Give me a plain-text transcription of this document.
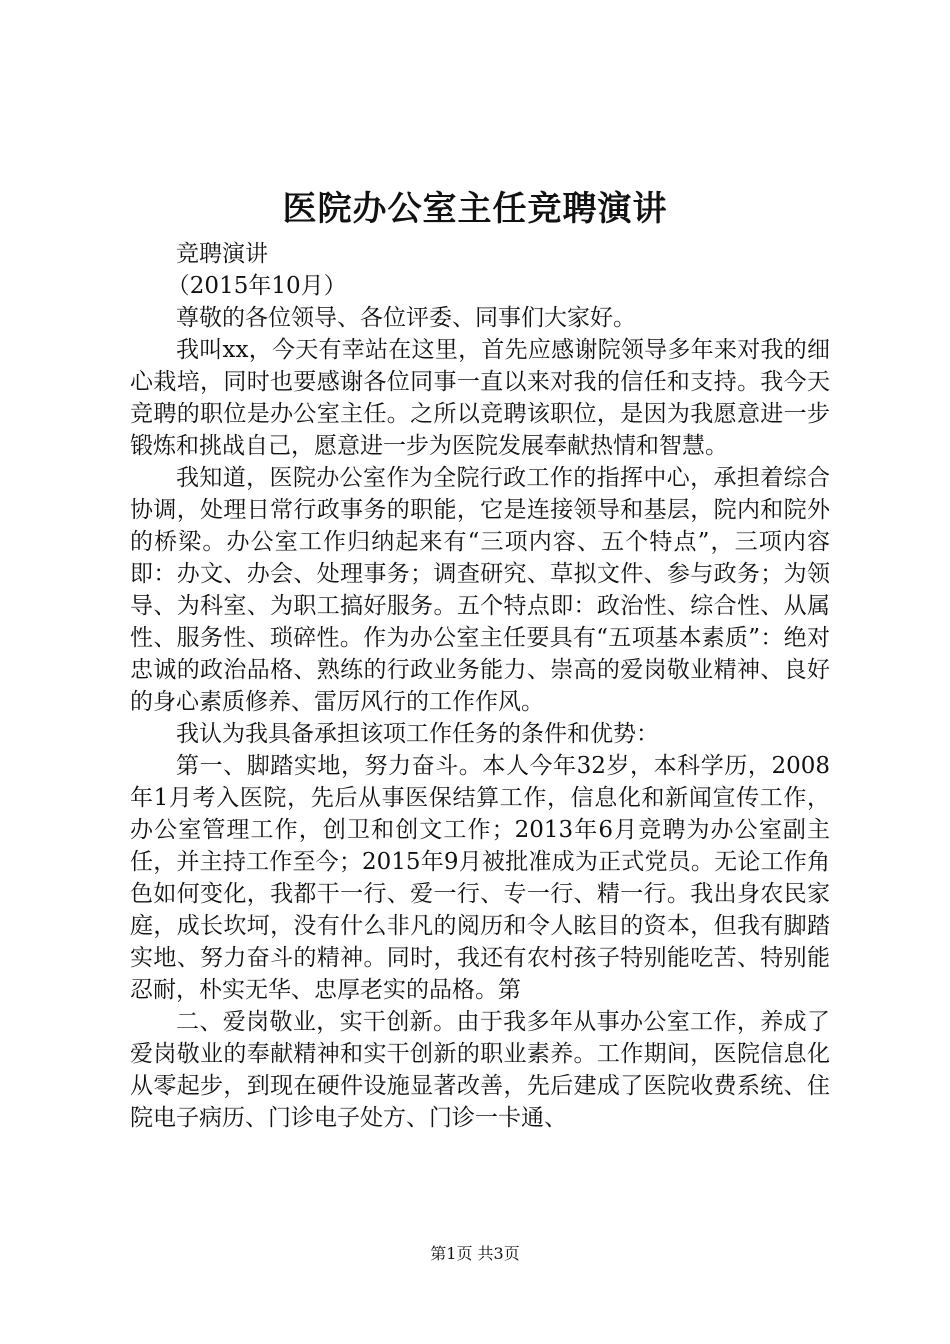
医院办公室主任竞聘演讲

竞聘演讲

（2015年10月）

尊敬的各位领导、各位评委、同事们大家好。

我叫xx，今天有幸站在这里，首先应感谢院领导多年来对我的细心栽培，同时也要感谢各位同事一直以来对我的信任和支持。我今天竞聘的职位是办公室主任。之所以竞聘该职位，是因为我愿意进一步锻炼和挑战自己，愿意进一步为医院发展奉献热情和智慧。

我知道，医院办公室作为全院行政工作的指挥中心，承担着综合协调，处理日常行政事务的职能，它是连接领导和基层，院内和院外的桥梁。办公室工作归纳起来有“三项内容、五个特点”，三项内容即：办文、办会、处理事务；调查研究、草拟文件、参与政务；为领导、为科室、为职工搞好服务。五个特点即：政治性、综合性、从属性、服务性、琐碎性。作为办公室主任要具有“五项基本素质”：绝对忠诚的政治品格、熟练的行政业务能力、崇高的爱岗敬业精神、良好的身心素质修养、雷厉风行的工作作风。

我认为我具备承担该项工作任务的条件和优势：

第一、脚踏实地，努力奋斗。本人今年32岁，本科学历，2008年1月考入医院，先后从事医保结算工作，信息化和新闻宣传工作，办公室管理工作，创卫和创文工作；2013年6月竞聘为办公室副主任，并主持工作至今；2015年9月被批准成为正式党员。无论工作角色如何变化，我都干一行、爱一行、专一行、精一行。我出身农民家庭，成长坎坷，没有什么非凡的阅历和令人眩目的资本，但我有脚踏实地、努力奋斗的精神。同时，我还有农村孩子特别能吃苦、特别能忍耐，朴实无华、忠厚老实的品格。第

二、爱岗敬业，实干创新。由于我多年从事办公室工作，养成了爱岗敬业的奉献精神和实干创新的职业素养。工作期间，医院信息化从零起步，到现在硬件设施显著改善，先后建成了医院收费系统、住院电子病历、门诊电子处方、门诊一卡通、

第1页 共3页
